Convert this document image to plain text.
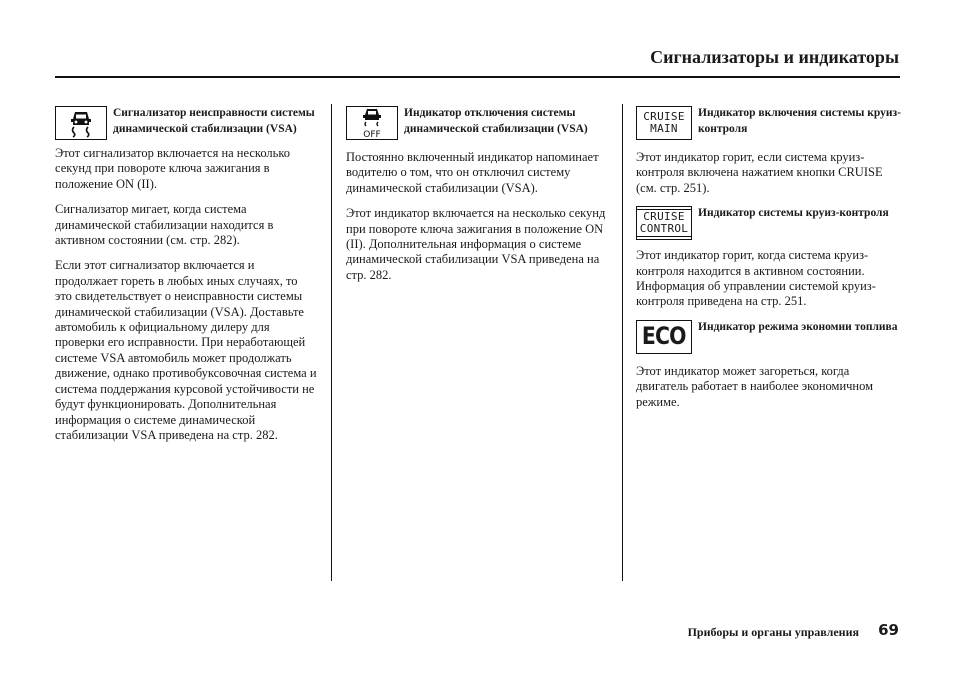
Сигнализаторы и индикаторы
Сигнализатор неисправности системы динамической стабилизации (VSA)

Этот сигнализатор включается на несколько секунд при повороте ключа зажигания в положение ON (II).

Сигнализатор мигает, когда система динамической стабилизации находится в активном состоянии (см. стр. 282).

Если этот сигнализатор включается и продолжает гореть в любых иных случаях, то это свидетельствует о неисправности системы динамической стабилизации (VSA). Доставьте автомобиль к официальному дилеру для проверки его исправности. При неработающей системе VSA автомобиль может продолжать движение, однако противобуксовочная система и система поддержания курсовой устойчивости не будут функционировать. Дополнительная информация о системе динамической стабилизации VSA приведена на стр. 282.

OFF
Индикатор отключения системы динамической стабилизации (VSA)

Постоянно включенный индикатор напоминает водителю о том, что он отключил систему динамической стабилизации (VSA).

Этот индикатор включается на несколько секунд при повороте ключа зажигания в положение ON (II). Дополнительная информация о системе динамической стабилизации VSA приведена на стр. 282.

CRUISE
MAIN
Индикатор включения системы круиз-контроля

Этот индикатор горит, если система круиз-контроля включена нажатием кнопки CRUISE (см. стр. 251).

CRUISE
CONTROL
Индикатор системы круиз-контроля

Этот индикатор горит, когда система круиз-контроля находится в активном состоянии. Информация об управлении системой круиз-контроля приведена на стр. 251.

ECO Индикатор режима экономии топлива

Этот индикатор может загореться, когда двигатель работает в наиболее экономичном режиме.

Приборы и органы управления 69
